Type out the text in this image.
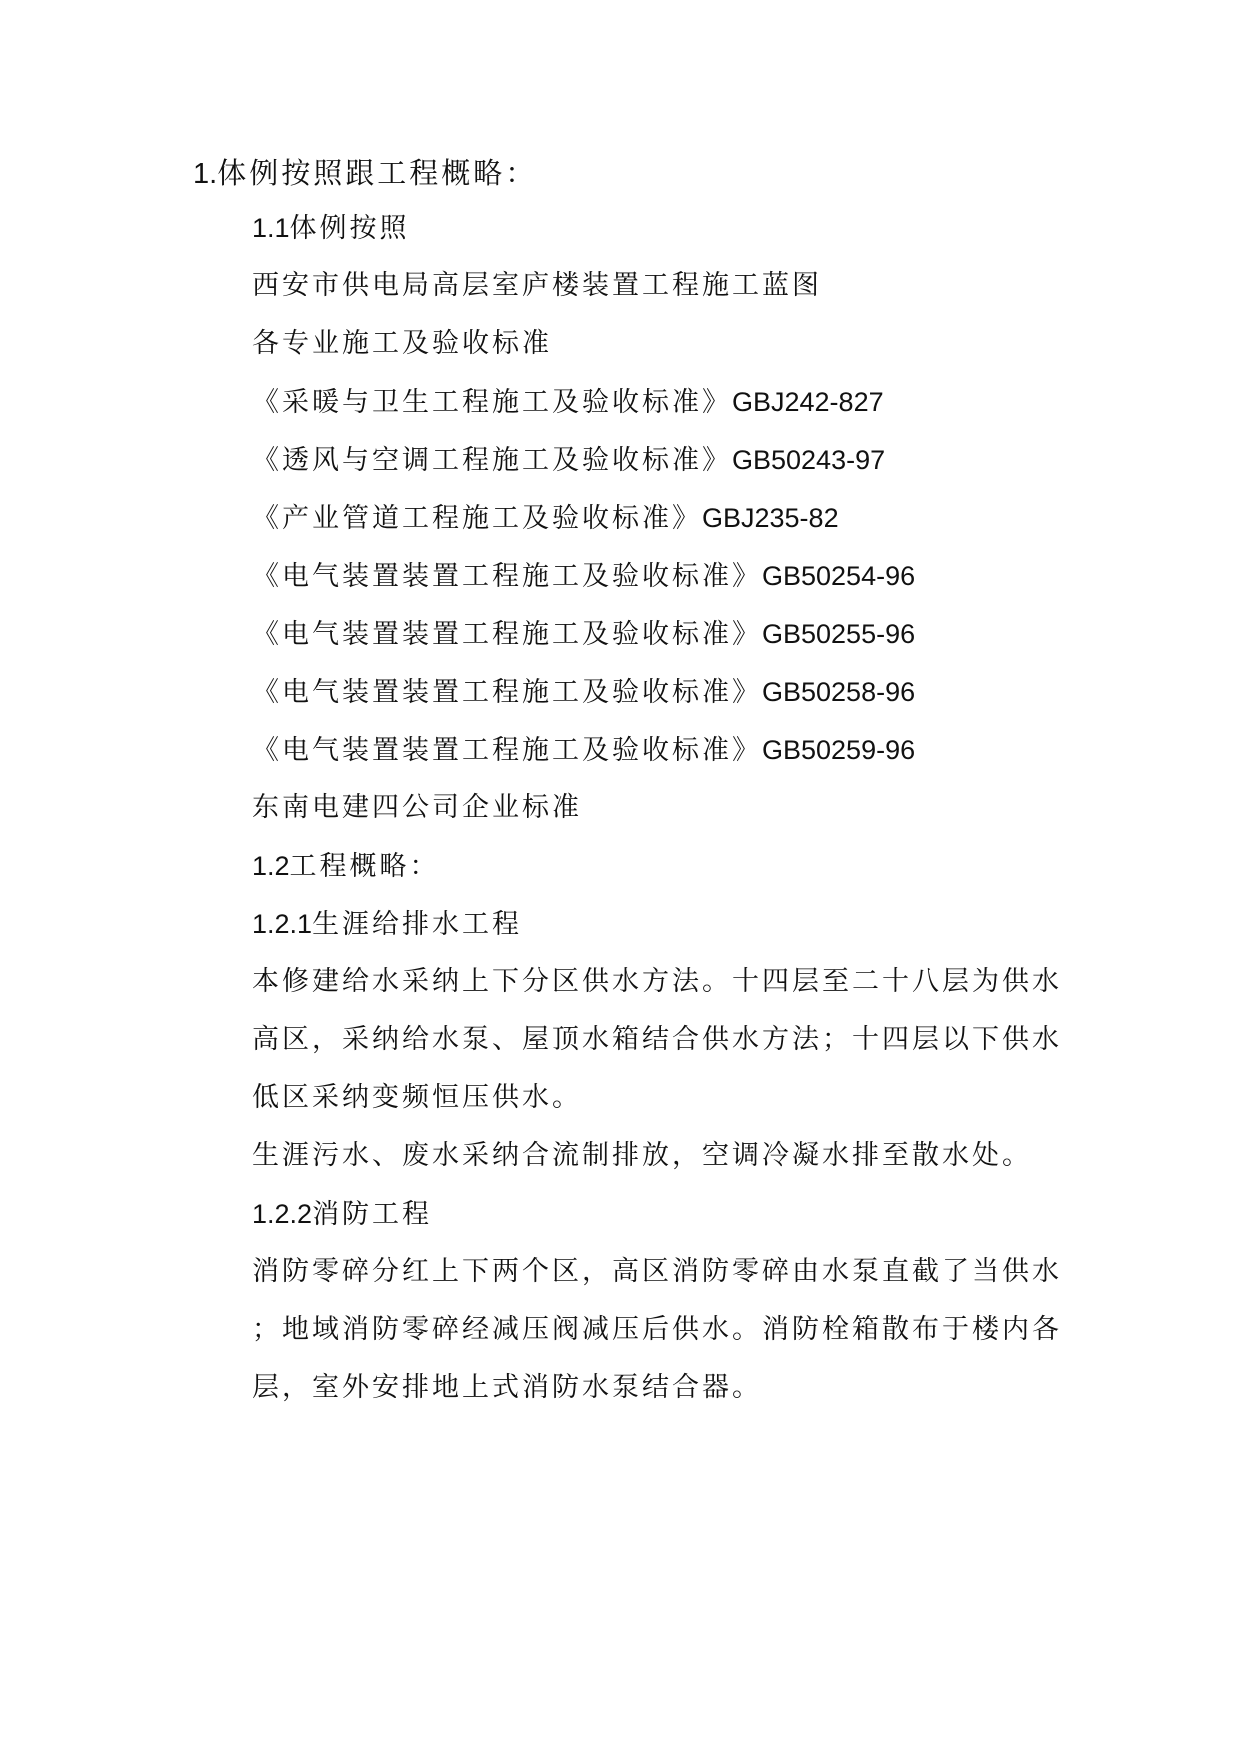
1.体例按照跟工程概略：
1.1体例按照
西安市供电局高层室庐楼装置工程施工蓝图
各专业施工及验收标准
《采暖与卫生工程施工及验收标准》GBJ242-827
《透风与空调工程施工及验收标准》GB50243-97
《产业管道工程施工及验收标准》GBJ235-82
《电气装置装置工程施工及验收标准》GB50254-96
《电气装置装置工程施工及验收标准》GB50255-96
《电气装置装置工程施工及验收标准》GB50258-96
《电气装置装置工程施工及验收标准》GB50259-96
东南电建四公司企业标准
1.2工程概略：
1.2.1生涯给排水工程
本修建给水采纳上下分区供水方法。十四层至二十八层为供水
高区，采纳给水泵、屋顶水箱结合供水方法；十四层以下供水
低区采纳变频恒压供水。
生涯污水、废水采纳合流制排放，空调冷凝水排至散水处。
1.2.2消防工程
消防零碎分红上下两个区，高区消防零碎由水泵直截了当供水
；地域消防零碎经减压阀减压后供水。消防栓箱散布于楼内各
层，室外安排地上式消防水泵结合器。
